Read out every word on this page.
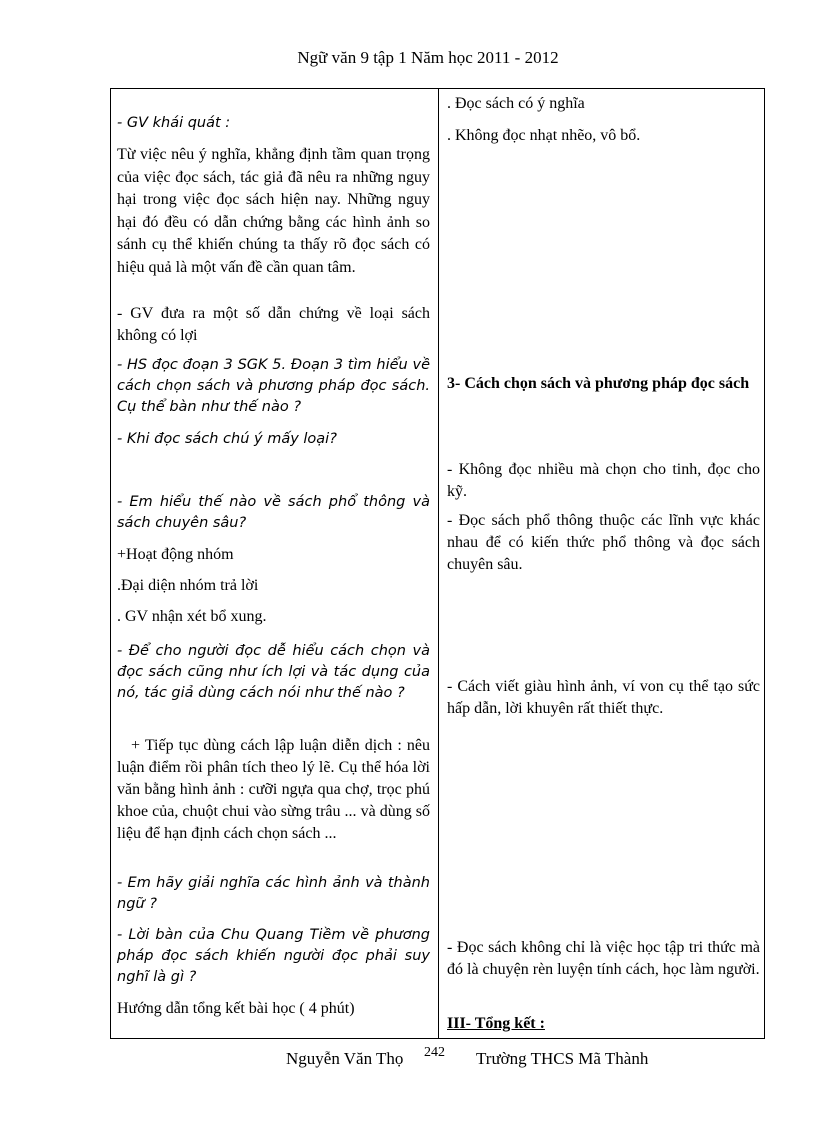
Ngữ văn 9 tập 1 Năm học 2011 - 2012

- GV khái quát :

Từ việc nêu ý nghĩa, khẳng định tầm quan trọng của việc đọc sách, tác giả đã nêu ra những nguy hại trong việc đọc sách hiện nay. Những nguy hại đó đều có dẫn chứng bằng các hình ảnh so sánh cụ thể khiến chúng ta thấy rõ đọc sách có hiệu quả là một vấn đề cần quan tâm.

- GV đưa ra một số dẫn chứng về loại sách không có lợi

- HS đọc đoạn 3 SGK 5. Đoạn 3 tìm hiểu về cách chọn sách và phương pháp đọc sách. Cụ thể bàn như thế nào ?

- Khi đọc sách chú ý mấy loại?

- Em hiểu thế nào về sách phổ thông và sách chuyên sâu?

+Hoạt động nhóm

.Đại diện nhóm trả lời

. GV nhận xét bổ xung.

- Để cho người đọc dễ hiểu cách chọn và đọc sách cũng như ích lợi và tác dụng của nó, tác giả dùng cách nói như thế nào ?

+ Tiếp tục dùng cách lập luận diễn dịch : nêu luận điểm rồi phân tích theo lý lẽ. Cụ thể hóa lời văn bằng hình ảnh : cưỡi ngựa qua chợ, trọc phú khoe của, chuột chui vào sừng trâu ... và dùng số liệu để hạn định cách chọn sách ...

- Em hãy giải nghĩa các hình ảnh và thành ngữ ?

- Lời bàn của Chu Quang Tiềm về phương pháp đọc sách khiến người đọc phải suy nghĩ là gì ?

Hướng dẫn tổng kết bài học ( 4 phút)

. Đọc sách có ý nghĩa

. Không đọc nhạt nhẽo, vô bổ.

3- Cách chọn sách và phương pháp đọc sách

- Không đọc nhiều mà chọn cho tinh, đọc cho kỹ.

- Đọc sách phổ thông thuộc các lĩnh vực khác nhau để có kiến thức phổ thông và đọc sách chuyên sâu.

- Cách viết giàu hình ảnh, ví von cụ thể tạo sức hấp dẫn, lời khuyên rất thiết thực.

- Đọc sách không chỉ là việc học tập tri thức mà đó là chuyện rèn luyện tính cách, học làm người.

III- Tổng kết :

Nguyễn Văn Thọ 242 Trường THCS Mã Thành
